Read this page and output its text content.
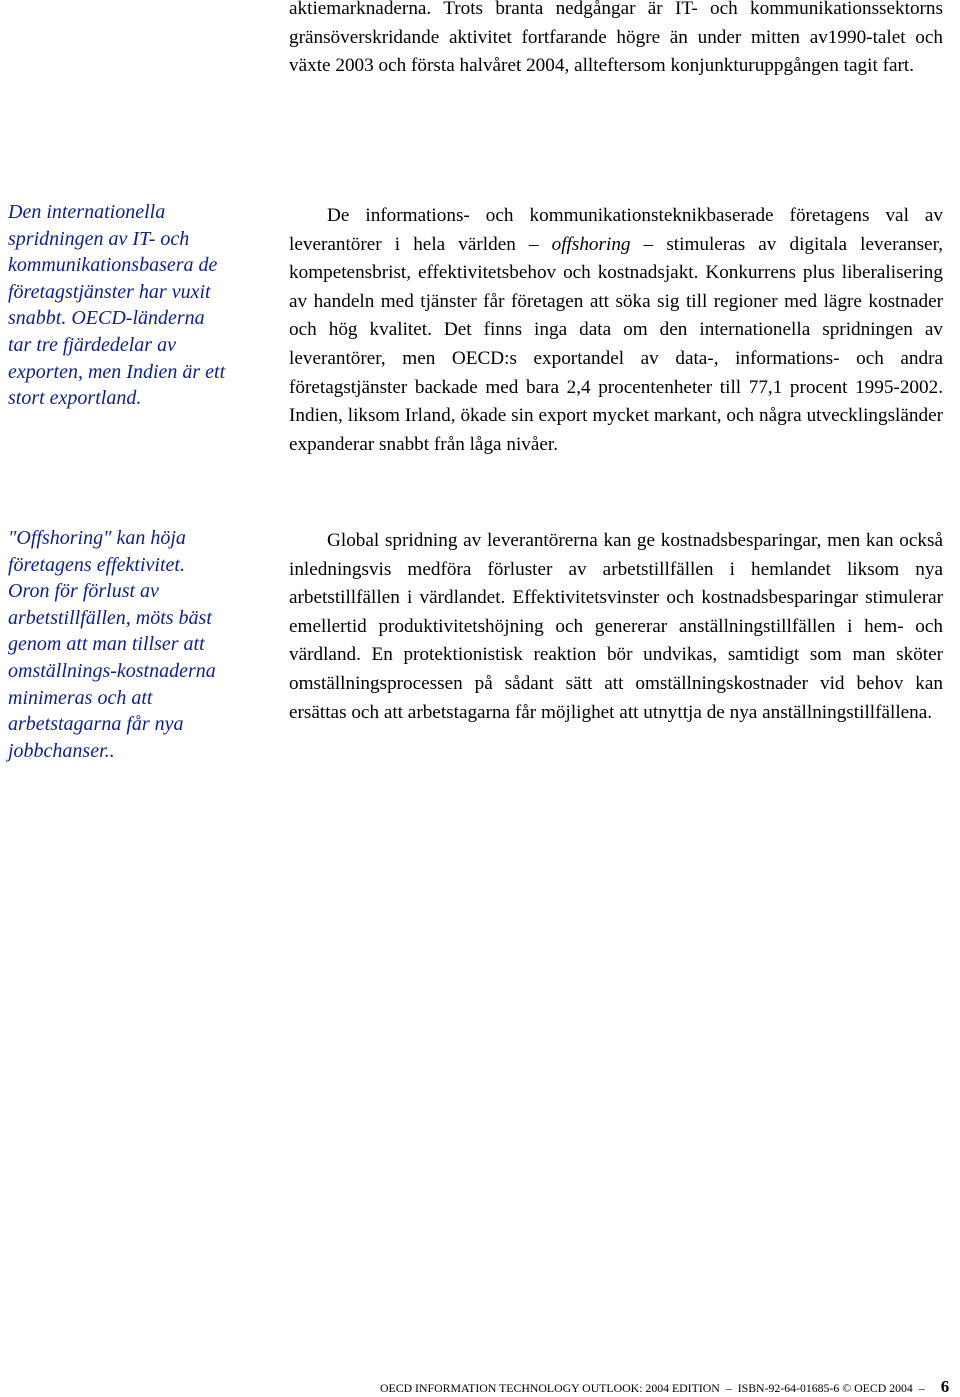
aktiemarknaderna. Trots branta nedgångar är IT- och kommunikationssektorns gränsöverskridande aktivitet fortfarande högre än under mitten av1990-talet och växte 2003 och första halvåret 2004, allteftersom konjunkturuppgången tagit fart.

Den internationella spridningen av IT- och kommunikationsbasera de företagstjänster har vuxit snabbt. OECD-länderna tar tre fjärdedelar av exporten, men Indien är ett stort exportland.

De informations- och kommunikationsteknikbaserade företagens val av leverantörer i hela världen – offshoring – stimuleras av digitala leveranser, kompetensbrist, effektivitetsbehov och kostnadsjakt. Konkurrens plus liberalisering av handeln med tjänster får företagen att söka sig till regioner med lägre kostnader och hög kvalitet. Det finns inga data om den internationella spridningen av leverantörer, men OECD:s exportandel av data-, informations- och andra företagstjänster backade med bara 2,4 procentenheter till 77,1 procent 1995-2002. Indien, liksom Irland, ökade sin export mycket markant, och några utvecklingsländer expanderar snabbt från låga nivåer.

"Offshoring" kan höja företagens effektivitet. Oron för förlust av arbetstillfällen, möts bäst genom att man tillser att omställnings-kostnaderna minimeras och att arbetstagarna får nya jobbchanser..

Global spridning av leverantörerna kan ge kostnadsbesparingar, men kan också inledningsvis medföra förluster av arbetstillfällen i hemlandet liksom nya arbetstillfällen i värdlandet. Effektivitetsvinster och kostnadsbesparingar stimulerar emellertid produktivitetshöjning och genererar anställningstillfällen i hem- och värdland. En protektionistisk reaktion bör undvikas, samtidigt som man sköter omställningsprocessen på sådant sätt att omställningskostnader vid behov kan ersättas och att arbetstagarna får möjlighet att utnyttja de nya anställningstillfällena.

OECD INFORMATION TECHNOLOGY OUTLOOK: 2004 EDITION – ISBN-92-64-01685-6 © OECD 2004 – 6
